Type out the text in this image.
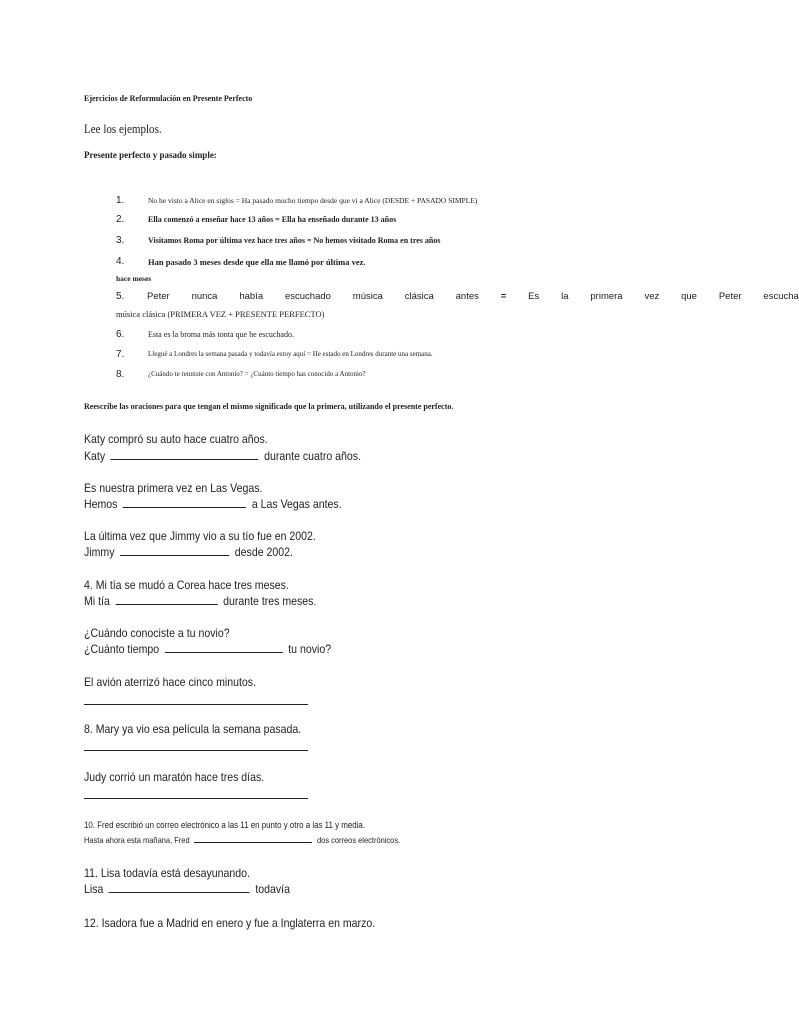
Ejercicios de Reformulación en Presente Perfecto
Lee los ejemplos.
Presente perfecto y pasado simple:
1.	No he visto a Alice en siglos = Ha pasado mucho tiempo desde que vi a Alice (DESDE + PASADO SIMPLE)
2.	Ella comenzó a enseñar hace 13 años = Ella ha enseñado durante 13 años
3.	Visitamos Roma por última vez hace tres años = No hemos visitado Roma en tres años
4.	Han pasado 3 meses desde que ella me llamó por última vez.
hace meses
5. Peter nunca había escuchado música clásica antes = Es la primera vez que Peter escucha
música clásica (PRIMERA VEZ + PRESENTE PERFECTO)
6.	Esta es la broma más tonta que he escuchado.
7.	Llegué a Londres la semana pasada y todavía estoy aquí = He estado en Londres durante una semana.
8.	¿Cuándo te reuniste con Antonio? = ¿Cuánto tiempo has conocido a Antonio?
Reescribe las oraciones para que tengan el mismo significado que la primera, utilizando el presente perfecto.
Katy compró su auto hace cuatro años.
Katy	durante cuatro años.
Es nuestra primera vez en Las Vegas.
Hemos	a Las Vegas antes.
La última vez que Jimmy vio a su tío fue en 2002.
Jimmy	desde 2002.
4. Mi tía se mudó a Corea hace tres meses.
Mi tía	durante tres meses.
¿Cuándo conociste a tu novio?
¿Cuánto tiempo	tu novio?
El avión aterrizó hace cinco minutos.
8. Mary ya vio esa película la semana pasada.
Judy corrió un maratón hace tres días.
10. Fred escribió un correo electrónico a las 11 en punto y otro a las 11 y media.
Hasta ahora esta mañana, Fred	dos correos electrónicos.
11. Lisa todavía está desayunando.
Lisa	todavía
12. Isadora fue a Madrid en enero y fue a Inglaterra en marzo.
